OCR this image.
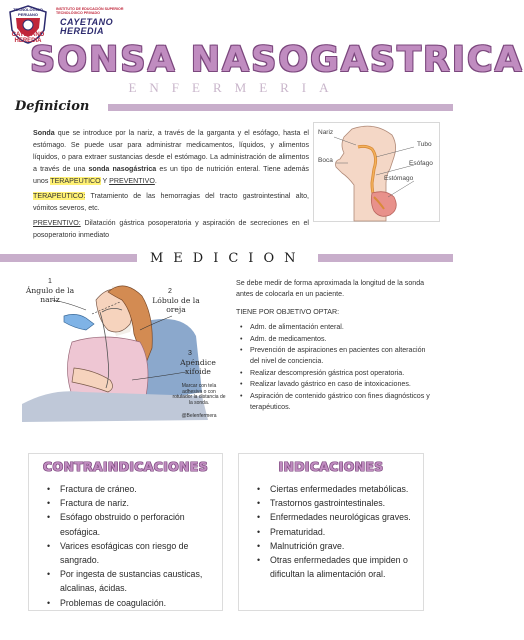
TECNOLÓGICO
PERUANO
CAYETANO HEREDIA
INSTITUTO DE EDUCACIÓN SUPERIOR TECNOLÓGICO PRIVADO
CAYETANO
HEREDIA
SONSA NASOGASTRICA
ENFERMERIA
Definicion

Sonda que se introduce por la nariz, a través de la garganta y el esófago, hasta el estómago. Se puede usar para administrar medicamentos, líquidos, y alimentos líquidos, o para extraer sustancias desde el estómago. La administración de alimentos a través de una sonda nasogástrica es un tipo de nutrición enteral. Tiene además unos TERAPEUTICO Y PREVENTIVO.

TERAPEUTICO: Tratamiento de las hemorragias del tracto gastrointestinal alto, vómitos severos, etc.

PREVENTIVO: Dilatación gástrica posoperatoria y aspiración de secreciones en el posoperatorio inmediato

Nariz
Tubo
Boca	Esófago
Estómago
MEDICION
1
Ángulo de la nariz
2
Lóbulo de la oreja
3
Apéndice xifoide
Marcar con tela adhesiva o con rotulador la distancia de la sonda.
@Belenfermera

Se debe medir de forma aproximada la longitud de la sonda antes de colocarla en un paciente.

TIENE POR OBJETIVO OPTAR:

• Adm. de alimentación enteral.
• Adm. de medicamentos.
• Prevención de aspiraciones en pacientes con alteración del nivel de conciencia.
• Realizar descompresión gástrica post operatoria.
• Realizar lavado gástrico en caso de intoxicaciones.
• Aspiración de contenido gástrico con fines diagnósticos y terapéuticos.
CONTRAINDICACIONES
• Fractura de cráneo.
• Fractura de nariz.
• Esófago obstruido o perforación esofágica.
• Varices esofágicas con riesgo de sangrado.
• Por ingesta de sustancias causticas, alcalinas, ácidas.
• Problemas de coagulación.
INDICACIONES
• Ciertas enfermedades metabólicas.
• Trastornos gastrointestinales.
• Enfermedades neurológicas graves.
• Prematuridad.
• Malnutrición grave.
• Otras enfermedades que impiden o dificultan la alimentación oral.
